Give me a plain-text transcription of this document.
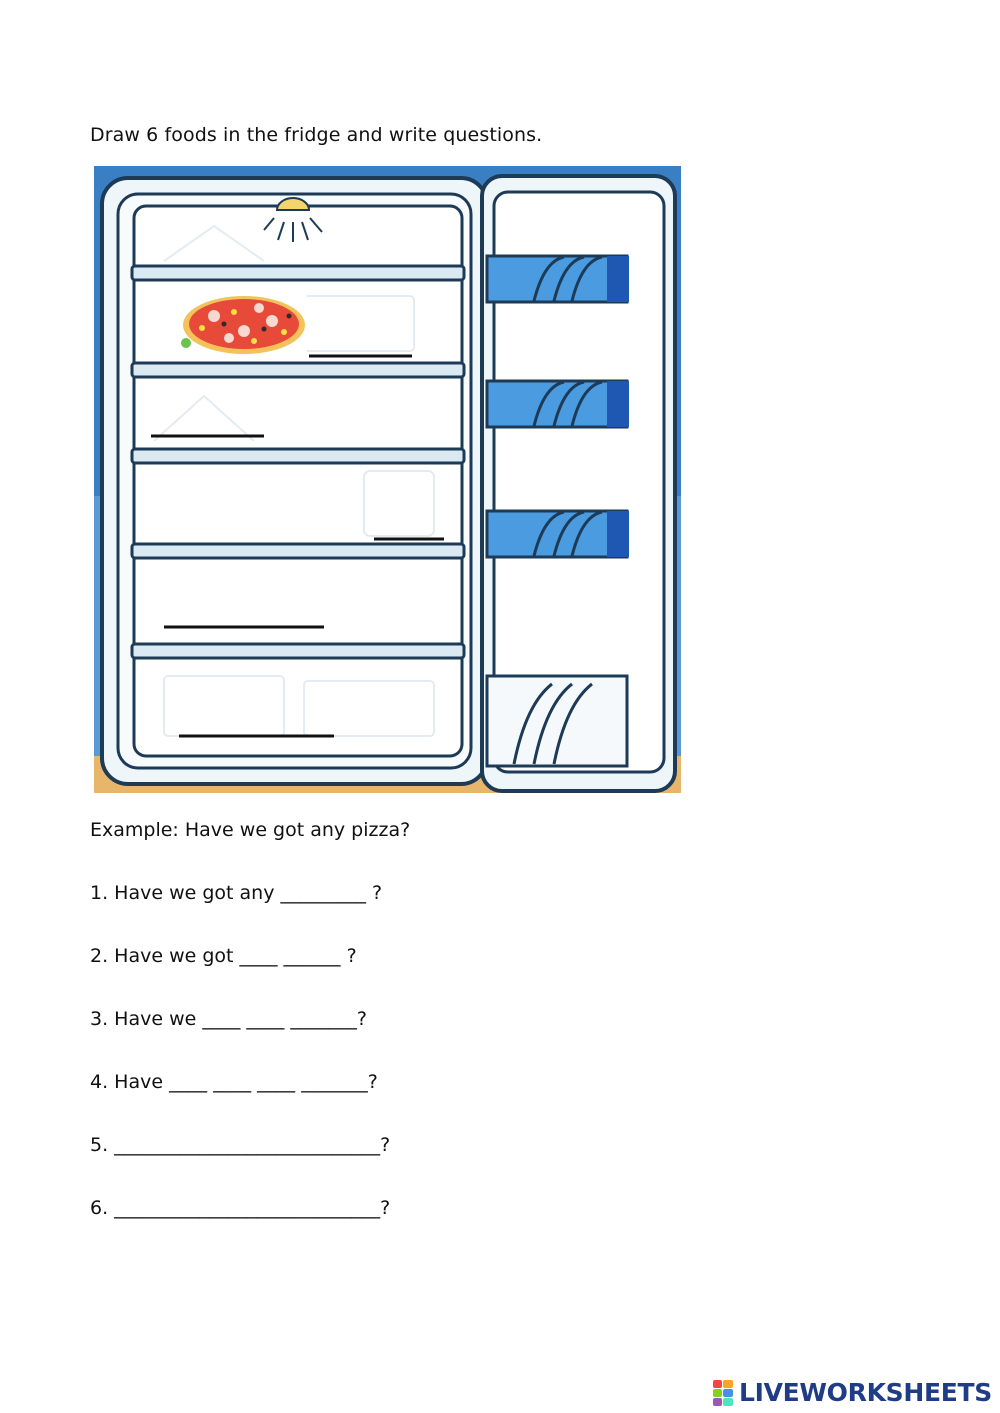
Draw 6 foods in the fridge and write questions.
Example: Have we got any pizza?
1. Have we got any _________ ?
2. Have we got ____ ______ ?
3. Have we ____ ____ _______?
4. Have ____ ____ ____ _______?
5. ____________________________?
6. ____________________________?
LIVEWORKSHEETS
